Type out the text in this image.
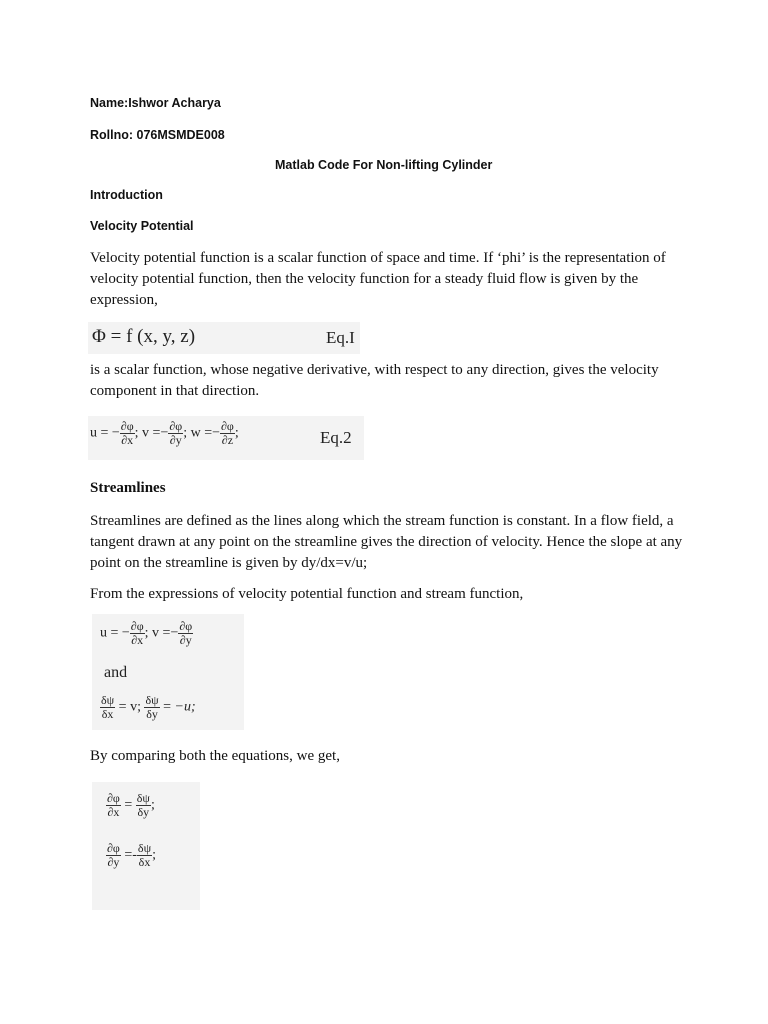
Name:Ishwor Acharya
Rollno: 076MSMDE008
Matlab Code For Non-lifting Cylinder
Introduction
Velocity Potential
Velocity potential function is a scalar function of space and time. If ‘phi’ is the representation of velocity potential function, then the velocity function for a steady fluid flow is given by the expression,
Φ = f (x, y, z)	Eq.I
is a scalar function, whose negative derivative, with respect to any direction, gives the velocity component in that direction.
u = − $\frac{\partial\varphi}{\partial x}$ ; $v =- \frac{\partial\varphi}{\partial y}$ ; $w =- \frac{\partial\varphi}{\partial z}$ ;	Eq.2
Streamlines
Streamlines are defined as the lines along which the stream function is constant. In a flow field, a tangent drawn at any point on the streamline gives the direction of velocity. Hence the slope at any point on the streamline is given by dy/dx=v/u;
From the expressions of velocity potential function and stream function,
u = − $\frac{\partial\varphi}{\partial x}$ ; $v =- \frac{\partial\varphi}{\partial y}$
and
$\frac{\delta\psi}{\delta x} = v$; $\frac{\delta\psi}{\delta y} = -u$;
By comparing both the equations, we get,
$\frac{\partial\varphi}{\partial x} = \frac{\delta\psi}{\delta y}$ ;
$\frac{\partial\varphi}{\partial y} =- \frac{\delta\psi}{\delta x}$ ;
